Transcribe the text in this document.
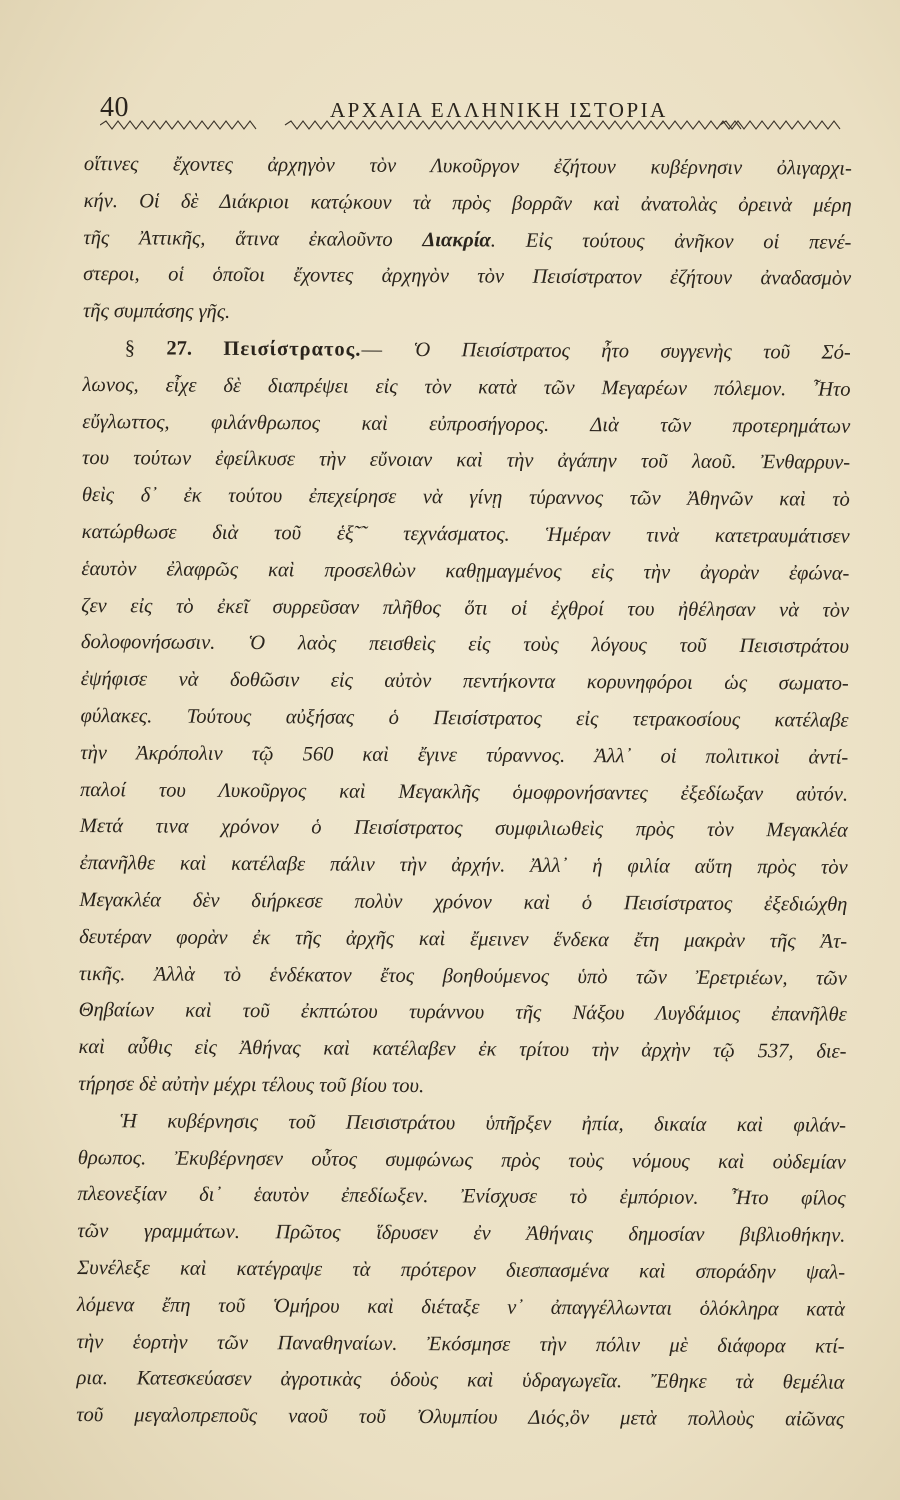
40	ΑΡΧΑΙΑ ΕΛΛΗΝΙΚΗ ΙΣΤΟΡΙΑ

οἵτινες ἔχοντες ἀρχηγὸν τὸν Λυκοῦργον ἐζήτουν κυβέρνησιν ὀλιγαρχι-
κήν. Οἱ δὲ Διάκριοι κατῴκουν τὰ πρὸς βορρᾶν καὶ ἀνατολὰς ὀρεινὰ μέρη
τῆς Ἀττικῆς, ἅτινα ἐκαλοῦντο Διακρία. Εἰς τούτους ἀνῆκον οἱ πενέ-
στεροι, οἱ ὁποῖοι ἔχοντες ἀρχηγὸν τὸν Πεισίστρατον ἐζήτουν ἀναδασμὸν
τῆς συμπάσης γῆς.

§ 27. Πεισίστρατος.— Ὁ Πεισίστρατος ἦτο συγγενὴς τοῦ Σό-
λωνος, εἶχε δὲ διαπρέψει εἰς τὸν κατὰ τῶν Μεγαρέων πόλεμον. Ἦτο
εὔγλωττος, φιλάνθρωπος καὶ εὐπροσήγορος. Διὰ τῶν προτερημάτων
του τούτων ἐφείλκυσε τὴν εὔνοιαν καὶ τὴν ἀγάπην τοῦ λαοῦ. Ἐνθαρρυν-
θεὶς δ᾽ ἐκ τούτου ἐπεχείρησε νὰ γίνῃ τύραννος τῶν Ἀθηνῶν καὶ τὸ
κατώρθωσε διὰ τοῦ ἑξ῀῀ τεχνάσματος. Ἡμέραν τινὰ κατετραυμάτισεν
ἑαυτὸν ἐλαφρῶς καὶ προσελθὼν καθῃμαγμένος εἰς τὴν ἀγορὰν ἐφώνα-
ζεν εἰς τὸ ἐκεῖ συρρεῦσαν πλῆθος ὅτι οἱ ἐχθροί του ἠθέλησαν νὰ τὸν
δολοφονήσωσιν. Ὁ λαὸς πεισθεὶς εἰς τοὺς λόγους τοῦ Πεισιστράτου
ἐψήφισε νὰ δοθῶσιν εἰς αὐτὸν πεντήκοντα κορυνηφόροι ὡς σωματο-
φύλακες. Τούτους αὐξήσας ὁ Πεισίστρατος εἰς τετρακοσίους κατέλαβε
τὴν Ἀκρόπολιν τῷ 560 καὶ ἔγινε τύραννος. Ἀλλ᾽ οἱ πολιτικοὶ ἀντί-
παλοί του Λυκοῦργος καὶ Μεγακλῆς ὁμοφρονήσαντες ἐξεδίωξαν αὐτόν.
Μετά τινα χρόνον ὁ Πεισίστρατος συμφιλιωθεὶς πρὸς τὸν Μεγακλέα
ἐπανῆλθε καὶ κατέλαβε πάλιν τὴν ἀρχήν. Ἀλλ᾽ ἡ φιλία αὕτη πρὸς τὸν
Μεγακλέα δὲν διήρκεσε πολὺν χρόνον καὶ ὁ Πεισίστρατος ἐξεδιώχθη
δευτέραν φορὰν ἐκ τῆς ἀρχῆς καὶ ἔμεινεν ἕνδεκα ἔτη μακρὰν τῆς Ἀτ-
τικῆς. Ἀλλὰ τὸ ἑνδέκατον ἔτος βοηθούμενος ὑπὸ τῶν Ἐρετριέων, τῶν
Θηβαίων καὶ τοῦ ἐκπτώτου τυράννου τῆς Νάξου Λυγδάμιος ἐπανῆλθε
καὶ αὖθις εἰς Ἀθήνας καὶ κατέλαβεν ἐκ τρίτου τὴν ἀρχὴν τῷ 537, διε-
τήρησε δὲ αὐτὴν μέχρι τέλους τοῦ βίου του.

Ἡ κυβέρνησις τοῦ Πεισιστράτου ὑπῆρξεν ἠπία, δικαία καὶ φιλάν-
θρωπος. Ἐκυβέρνησεν οὗτος συμφώνως πρὸς τοὺς νόμους καὶ οὐδεμίαν
πλεονεξίαν δι᾽ ἑαυτὸν ἐπεδίωξεν. Ἐνίσχυσε τὸ ἐμπόριον. Ἦτο φίλος
τῶν γραμμάτων. Πρῶτος ἵδρυσεν ἐν Ἀθήναις δημοσίαν βιβλιοθήκην.
Συνέλεξε καὶ κατέγραψε τὰ πρότερον διεσπασμένα καὶ σποράδην ψαλ-
λόμενα ἔπη τοῦ Ὁμήρου καὶ διέταξε ν᾽ ἀπαγγέλλωνται ὁλόκληρα κατὰ
τὴν ἑορτὴν τῶν Παναθηναίων. Ἐκόσμησε τὴν πόλιν μὲ διάφορα κτί-
ρια. Κατεσκεύασεν ἀγροτικὰς ὁδοὺς καὶ ὑδραγωγεῖα. Ἔθηκε τὰ θεμέλια
τοῦ μεγαλοπρεποῦς ναοῦ τοῦ Ὀλυμπίου Διός,ὃν μετὰ πολλοὺς αἰῶνας
